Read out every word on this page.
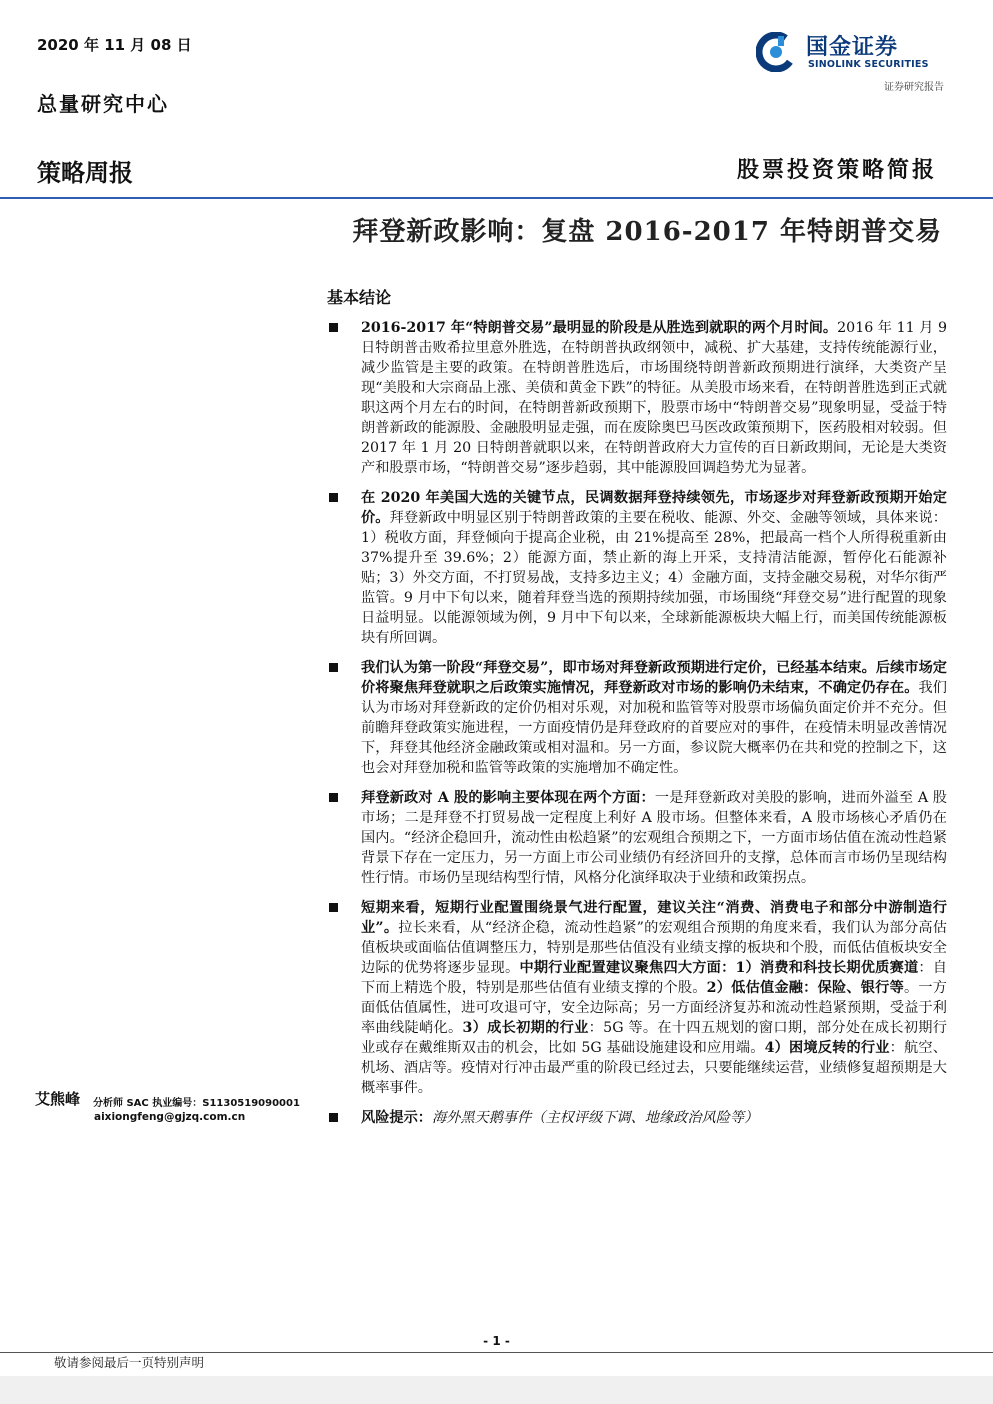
2020 年 11 月 08 日
总量研究中心
国金证券
SINOLINK SECURITIES
证券研究报告
策略周报	股票投资策略简报
拜登新政影响：复盘 2016-2017 年特朗普交易
基本结论
2016-2017 年“特朗普交易”最明显的阶段是从胜选到就职的两个月时间。2016 年 11 月 9 日特朗普击败希拉里意外胜选，在特朗普执政纲领中，减税、扩大基建，支持传统能源行业，减少监管是主要的政策。在特朗普胜选后，市场围绕特朗普新政预期进行演绎，大类资产呈现“美股和大宗商品上涨、美债和黄金下跌”的特征。从美股市场来看，在特朗普胜选到正式就职这两个月左右的时间，在特朗普新政预期下，股票市场中“特朗普交易”现象明显，受益于特朗普新政的能源股、金融股明显走强，而在废除奥巴马医改政策预期下，医药股相对较弱。但 2017 年 1 月 20 日特朗普就职以来，在特朗普政府大力宣传的百日新政期间，无论是大类资产和股票市场，“特朗普交易”逐步趋弱，其中能源股回调趋势尤为显著。
在 2020 年美国大选的关键节点，民调数据拜登持续领先，市场逐步对拜登新政预期开始定价。拜登新政中明显区别于特朗普政策的主要在税收、能源、外交、金融等领域，具体来说：1）税收方面，拜登倾向于提高企业税，由 21%提高至 28%，把最高一档个人所得税重新由 37%提升至 39.6%；2）能源方面，禁止新的海上开采，支持清洁能源，暂停化石能源补贴；3）外交方面，不打贸易战，支持多边主义；4）金融方面，支持金融交易税，对华尔街严监管。9 月中下旬以来，随着拜登当选的预期持续加强，市场围绕“拜登交易”进行配置的现象日益明显。以能源领域为例，9 月中下旬以来，全球新能源板块大幅上行，而美国传统能源板块有所回调。
我们认为第一阶段“拜登交易”，即市场对拜登新政预期进行定价，已经基本结束。后续市场定价将聚焦拜登就职之后政策实施情况，拜登新政对市场的影响仍未结束，不确定仍存在。我们认为市场对拜登新政的定价仍相对乐观，对加税和监管等对股票市场偏负面定价并不充分。但前瞻拜登政策实施进程，一方面疫情仍是拜登政府的首要应对的事件，在疫情未明显改善情况下，拜登其他经济金融政策或相对温和。另一方面，参议院大概率仍在共和党的控制之下，这也会对拜登加税和监管等政策的实施增加不确定性。
拜登新政对 A 股的影响主要体现在两个方面：一是拜登新政对美股的影响，进而外溢至 A 股市场；二是拜登不打贸易战一定程度上利好 A 股市场。但整体来看，A 股市场核心矛盾仍在国内。“经济企稳回升，流动性由松趋紧”的宏观组合预期之下，一方面市场估值在流动性趋紧背景下存在一定压力，另一方面上市公司业绩仍有经济回升的支撑，总体而言市场仍呈现结构性行情。市场仍呈现结构型行情，风格分化演绎取决于业绩和政策拐点。
短期来看，短期行业配置围绕景气进行配置，建议关注“消费、消费电子和部分中游制造行业”。拉长来看，从“经济企稳，流动性趋紧”的宏观组合预期的角度来看，我们认为部分高估值板块或面临估值调整压力，特别是那些估值没有业绩支撑的板块和个股，而低估值板块安全边际的优势将逐步显现。中期行业配置建议聚焦四大方面：1）消费和科技长期优质赛道：自下而上精选个股，特别是那些估值有业绩支撑的个股。2）低估值金融：保险、银行等。一方面低估值属性，进可攻退可守，安全边际高；另一方面经济复苏和流动性趋紧预期，受益于利率曲线陡峭化。3）成长初期的行业：5G 等。在十四五规划的窗口期，部分处在成长初期行业或存在戴维斯双击的机会，比如 5G 基础设施建设和应用端。4）困境反转的行业：航空、机场、酒店等。疫情对行冲击最严重的阶段已经过去，只要能继续运营，业绩修复超预期是大概率事件。
风险提示：海外黑天鹅事件（主权评级下调、地缘政治风险等）
艾熊峰 分析师 SAC 执业编号：S1130519090001
aixiongfeng@gjzq.com.cn
- 1 -
敬请参阅最后一页特别声明
